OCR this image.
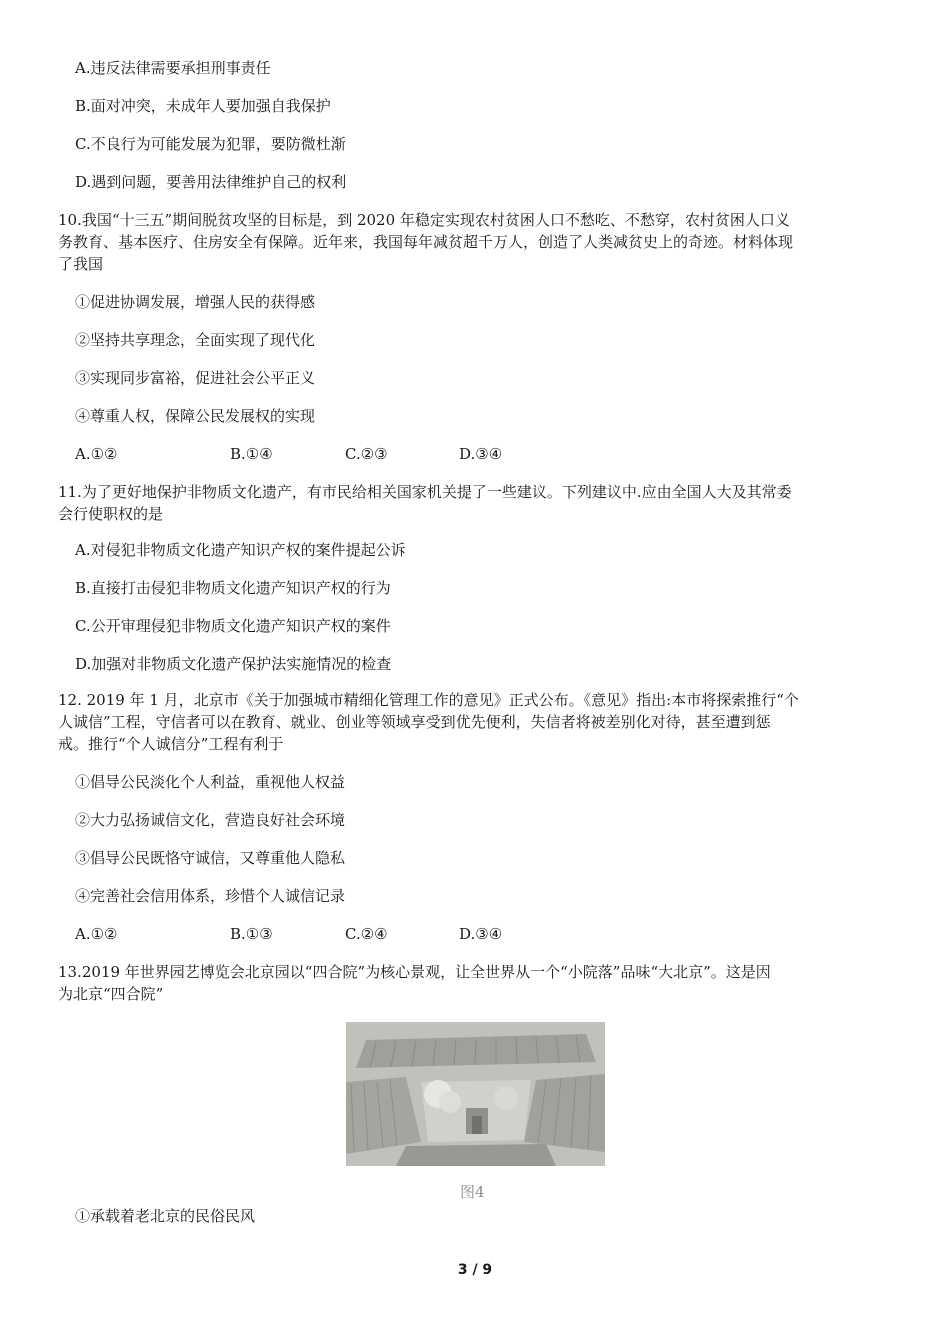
A.违反法律需要承担刑事责任
B.面对冲突，未成年人要加强自我保护
C.不良行为可能发展为犯罪，要防微杜渐
D.遇到问题，要善用法律维护自己的权利
10.我国“十三五”期间脱贫攻坚的目标是，到 2020 年稳定实现农村贫困人口不愁吃、不愁穿，农村贫困人口义
务教育、基本医疗、住房安全有保障。近年来，我国每年减贫超千万人，创造了人类减贫史上的奇迹。材料体现
了我国
①促进协调发展，增强人民的获得感
②坚持共享理念，全面实现了现代化
③实现同步富裕，促进社会公平正义
④尊重人权，保障公民发展权的实现
A.①②	B.①④	C.②③	D.③④
11.为了更好地保护非物质文化遗产，有市民给相关国家机关提了一些建议。下列建议中.应由全国人大及其常委
会行使职权的是
A.对侵犯非物质文化遗产知识产权的案件提起公诉
B.直接打击侵犯非物质文化遗产知识产权的行为
C.公开审理侵犯非物质文化遗产知识产权的案件
D.加强对非物质文化遗产保护法实施情况的检查
12. 2019 年 1 月，北京市《关于加强城市精细化管理工作的意见》正式公布。《意见》指出:本市将探索推行“个
人诚信”工程，守信者可以在教育、就业、创业等领域享受到优先便利，失信者将被差别化对待，甚至遭到惩
戒。推行“个人诚信分”工程有利于
①倡导公民淡化个人利益，重视他人权益
②大力弘扬诚信文化，营造良好社会环境
③倡导公民既恪守诚信，又尊重他人隐私
④完善社会信用体系，珍惜个人诚信记录
A.①②	B.①③	C.②④	D.③④
13.2019 年世界园艺博览会北京园以“四合院”为核心景观，让全世界从一个“小院落”品味“大北京”。这是因
为北京“四合院”
图4
①承载着老北京的民俗民风
3 / 9
